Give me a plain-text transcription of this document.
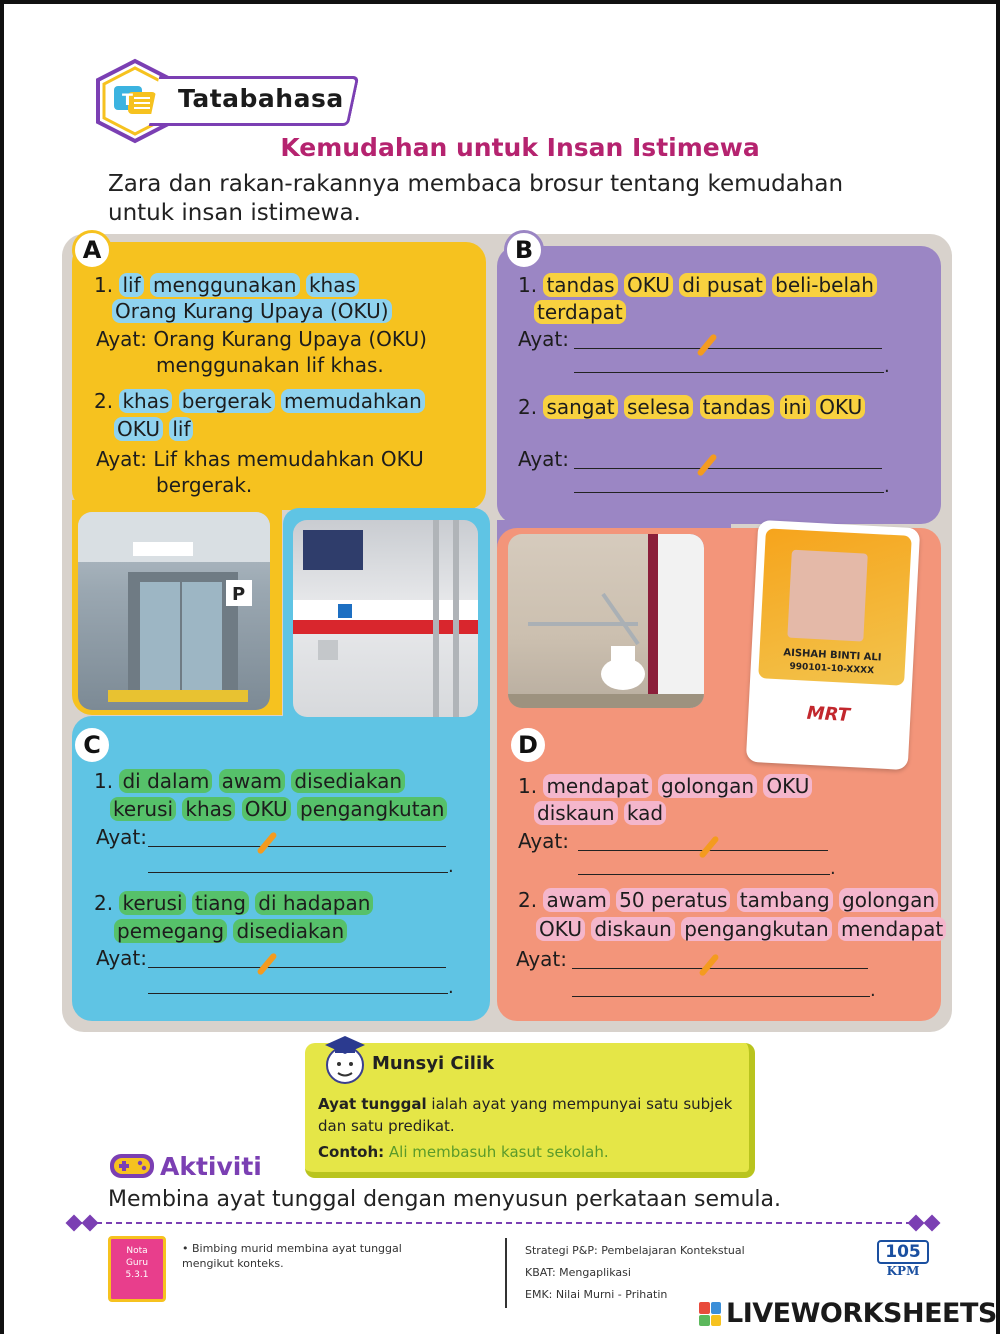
T Tatabahasa
Kemudahan untuk Insan Istimewa
Zara dan rakan-rakannya membaca brosur tentang kemudahan untuk insan istimewa.
A
1. lif menggunakan khas
Orang Kurang Upaya (OKU)
Ayat: Orang Kurang Upaya (OKU)
menggunakan lif khas.
2. khas bergerak memudahkan
OKU lif
Ayat: Lif khas memudahkan OKU
bergerak.
P
B
1. tandas OKU di pusat beli-belah
terdapat
Ayat:
.
2. sangat selesa tandas ini OKU
Ayat:
.
AISHAH BINTI ALI
990101-10-XXXX
MRT
C
1. di dalam awam disediakan
kerusi khas OKU pengangkutan
Ayat:
.
2. kerusi tiang di hadapan
pemegang disediakan
Ayat:
.
D
1. mendapat golongan OKU
diskaun kad
Ayat:
.
2. awam 50 peratus tambang golongan
OKU diskaun pengangkutan mendapat
Ayat:
.
Munsyi Cilik
Ayat tunggal ialah ayat yang mempunyai satu subjek dan satu predikat.
Contoh: Ali membasuh kasut sekolah.
Aktiviti
Membina ayat tunggal dengan menyusun perkataan semula.
Nota
Guru
5.3.1
• Bimbing murid membina ayat tunggal mengikut konteks.
Strategi P&P: Pembelajaran Kontekstual
KBAT: Mengaplikasi
EMK: Nilai Murni - Prihatin
105
KPM
LIVEWORKSHEETS
